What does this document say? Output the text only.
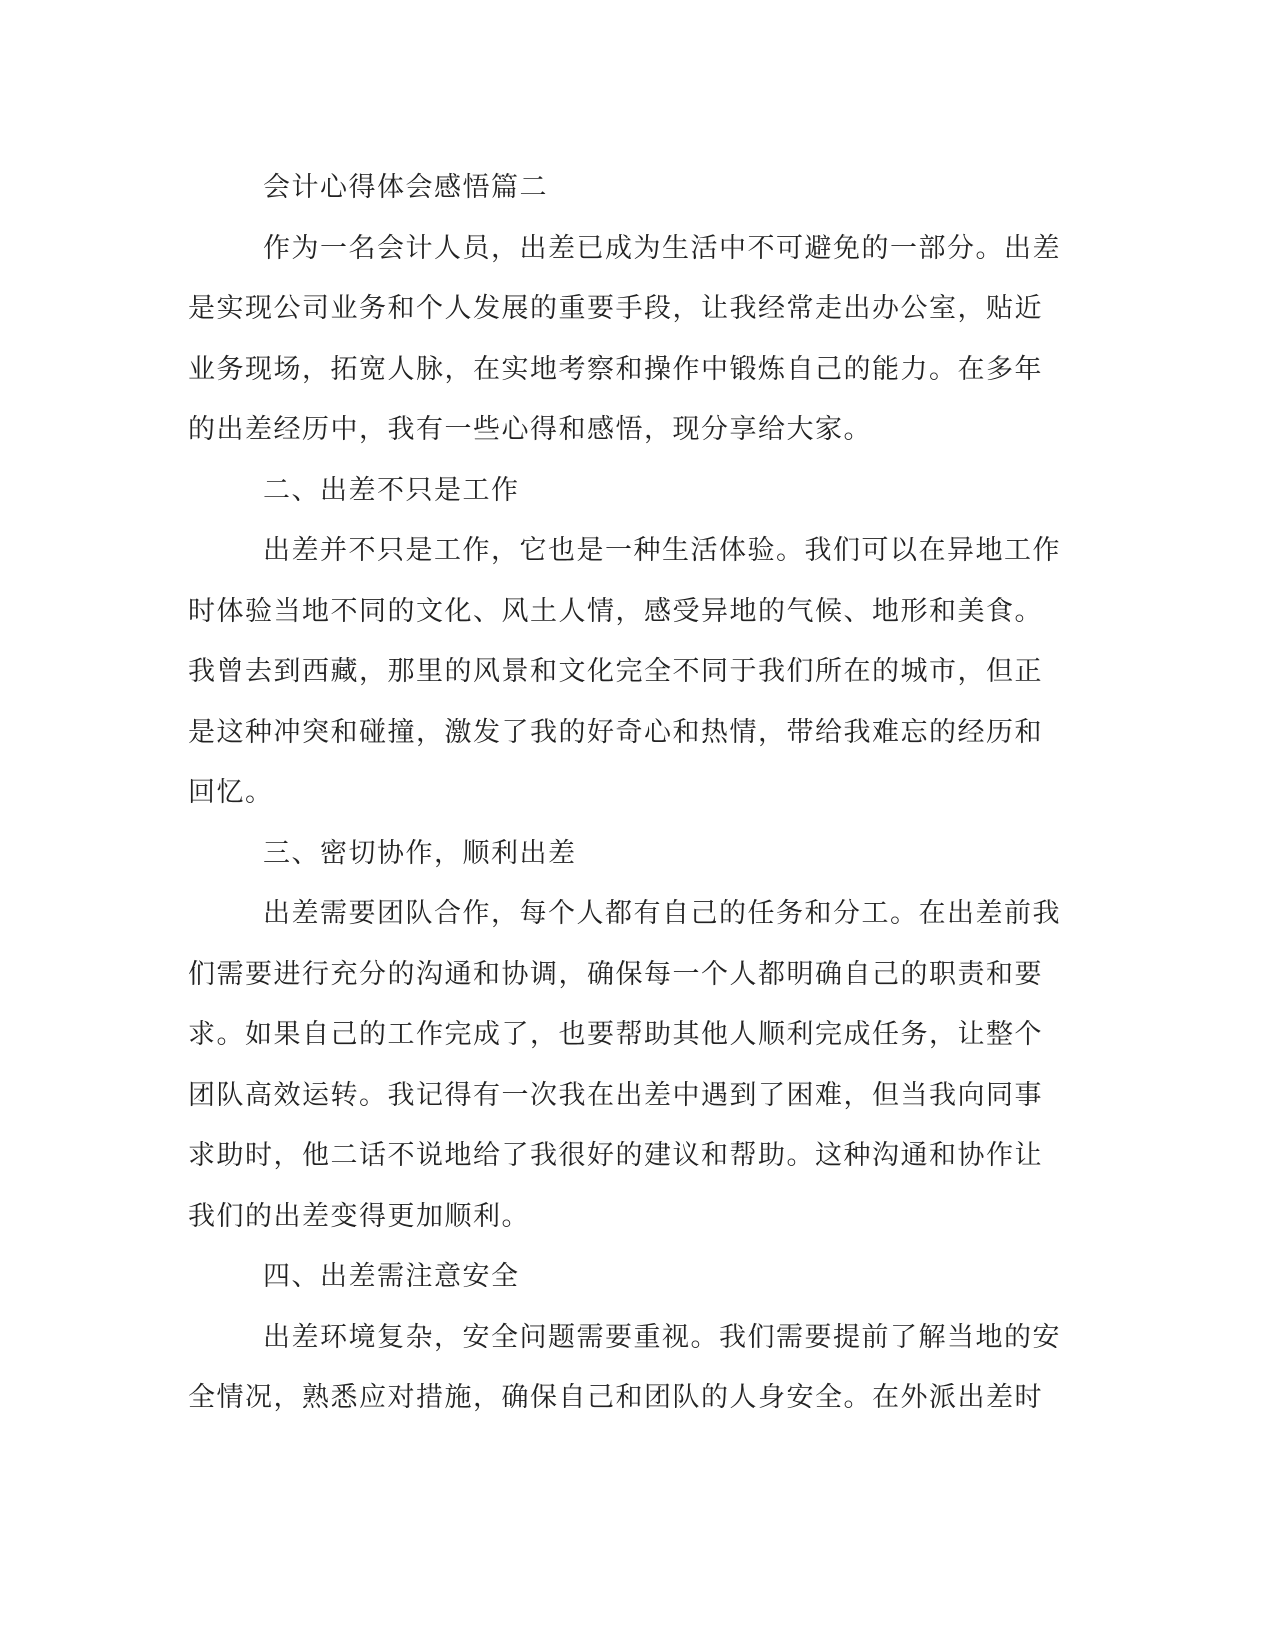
会计心得体会感悟篇二
作为一名会计人员，出差已成为生活中不可避免的一部分。出差
是实现公司业务和个人发展的重要手段，让我经常走出办公室，贴近
业务现场，拓宽人脉，在实地考察和操作中锻炼自己的能力。在多年
的出差经历中，我有一些心得和感悟，现分享给大家。
二、出差不只是工作
出差并不只是工作，它也是一种生活体验。我们可以在异地工作
时体验当地不同的文化、风土人情，感受异地的气候、地形和美食。
我曾去到西藏，那里的风景和文化完全不同于我们所在的城市，但正
是这种冲突和碰撞，激发了我的好奇心和热情，带给我难忘的经历和
回忆。
三、密切协作，顺利出差
出差需要团队合作，每个人都有自己的任务和分工。在出差前我
们需要进行充分的沟通和协调，确保每一个人都明确自己的职责和要
求。如果自己的工作完成了，也要帮助其他人顺利完成任务，让整个
团队高效运转。我记得有一次我在出差中遇到了困难，但当我向同事
求助时，他二话不说地给了我很好的建议和帮助。这种沟通和协作让
我们的出差变得更加顺利。
四、出差需注意安全
出差环境复杂，安全问题需要重视。我们需要提前了解当地的安
全情况，熟悉应对措施，确保自己和团队的人身安全。在外派出差时
